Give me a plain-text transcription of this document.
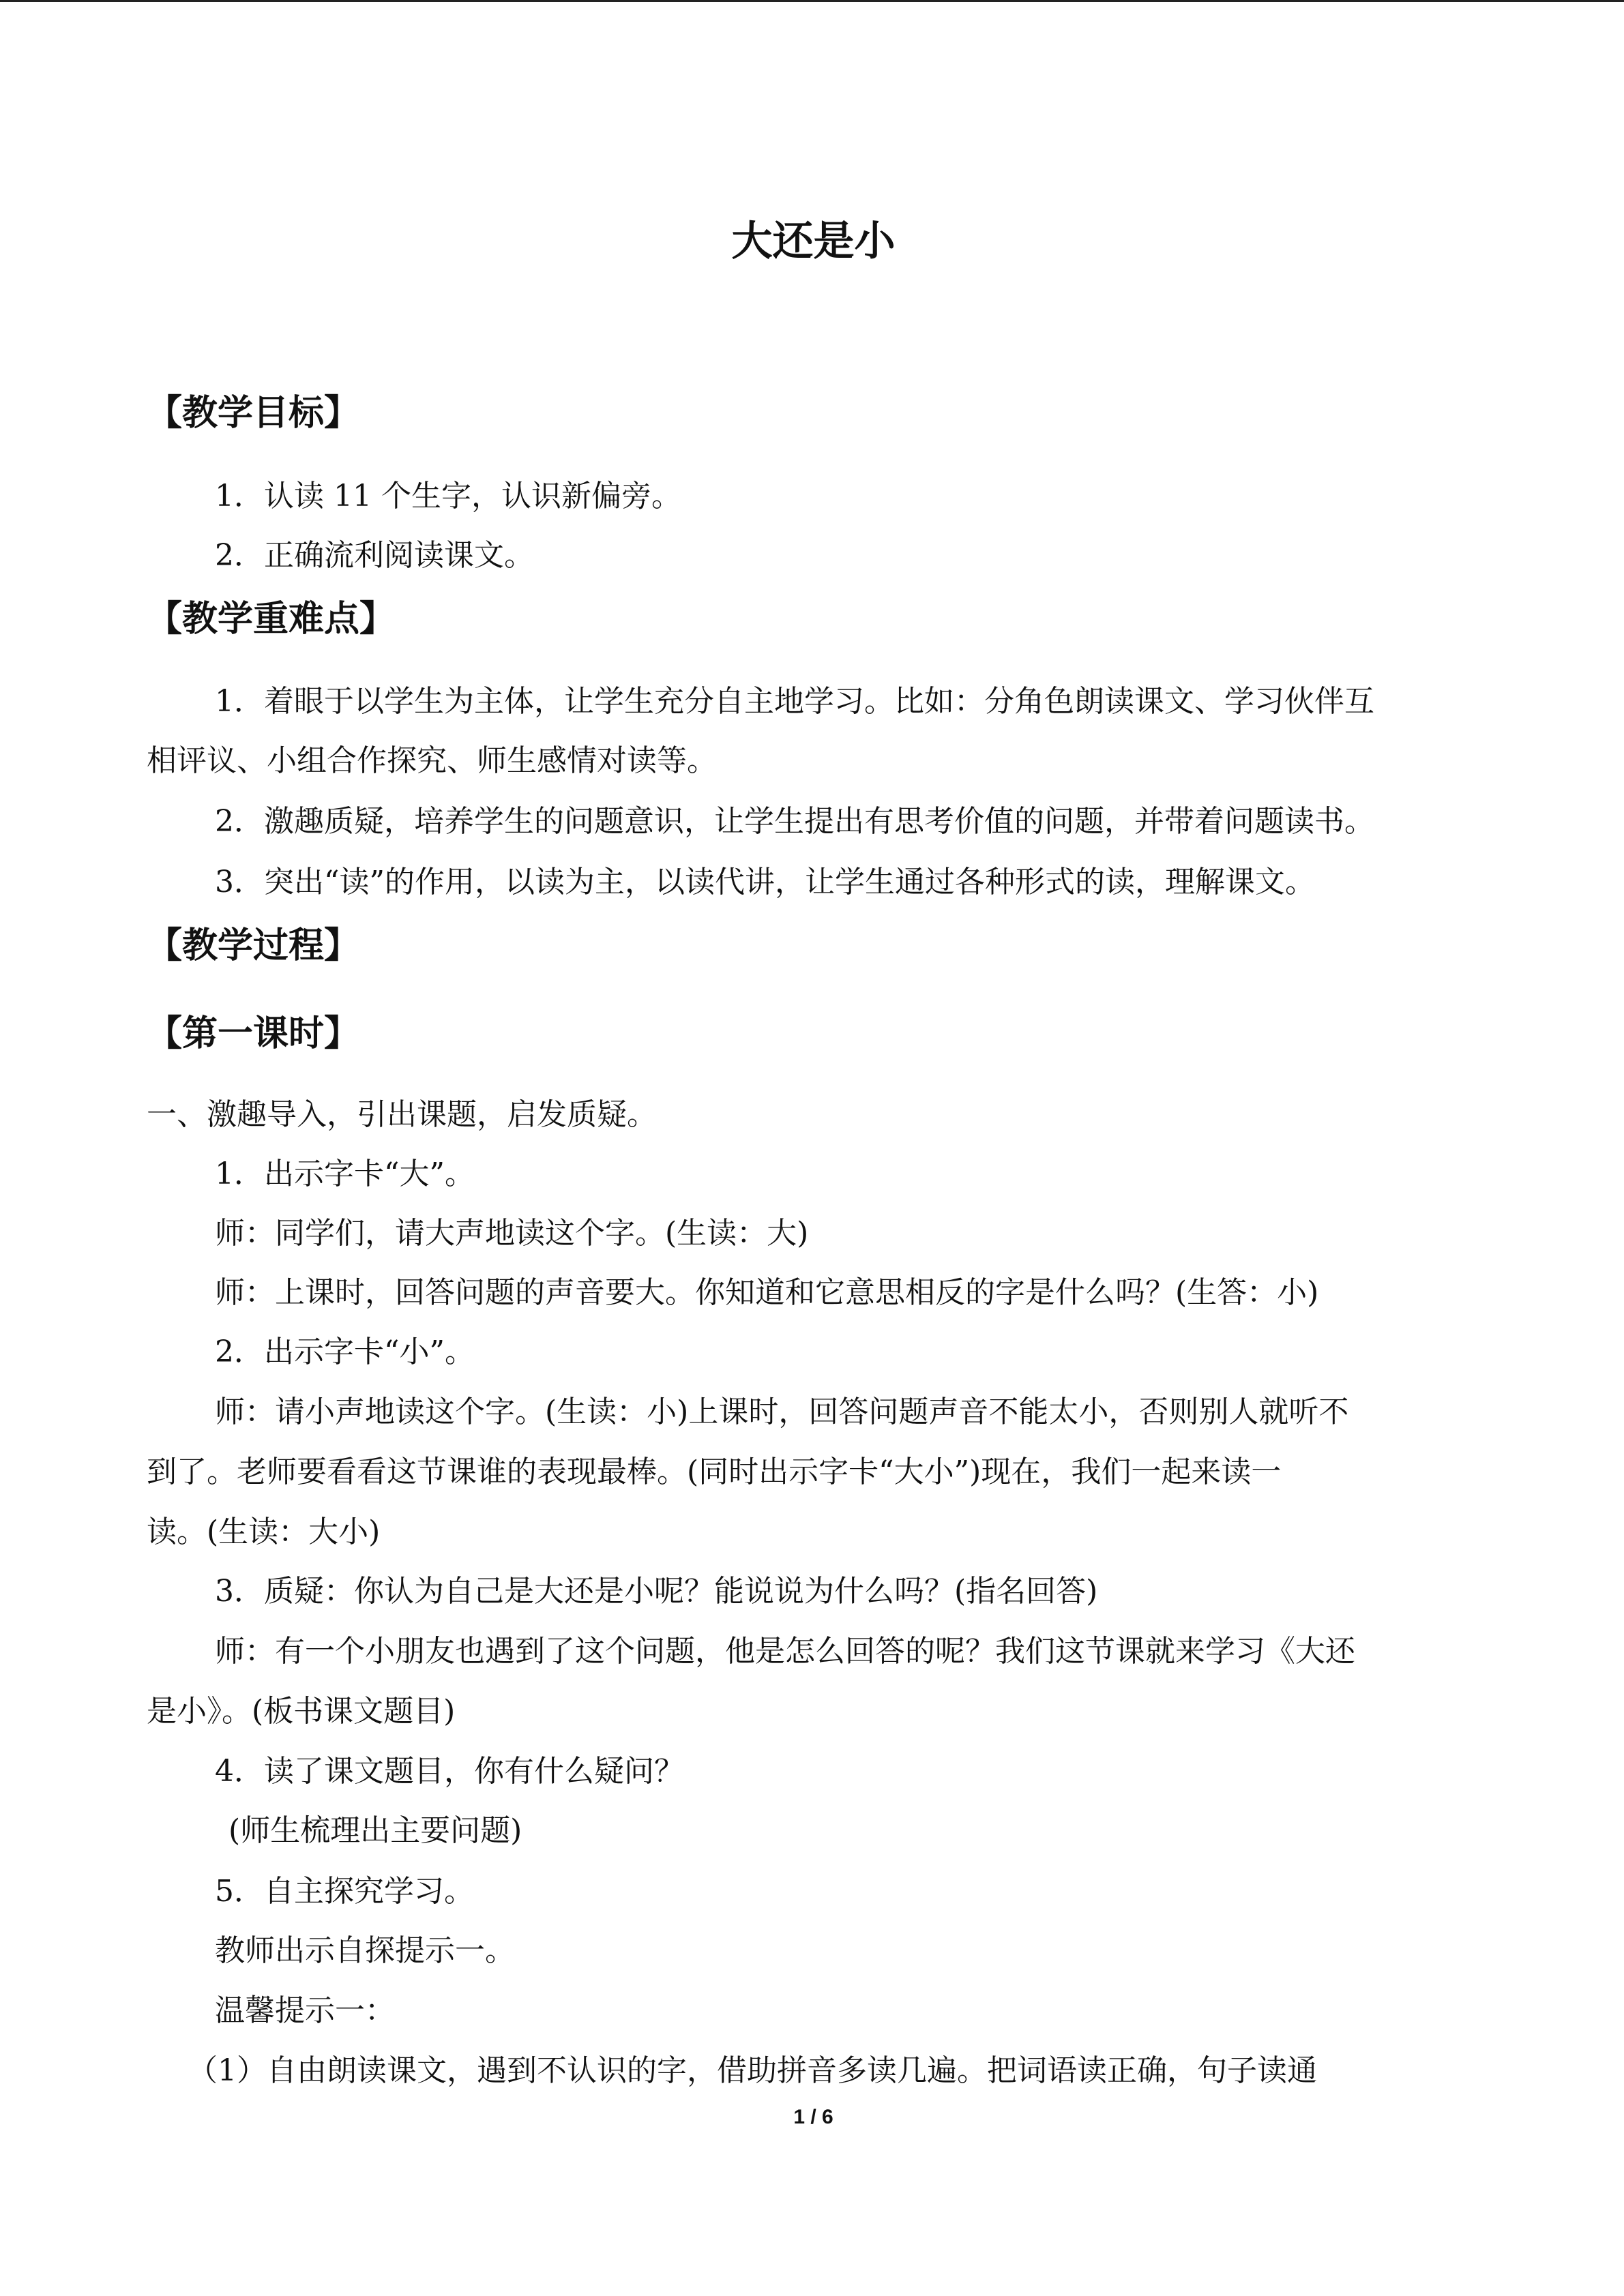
大还是小
【教学目标】

1．认读 11 个生字，认识新偏旁。

2．正确流利阅读课文。

【教学重难点】

1．着眼于以学生为主体，让学生充分自主地学习。比如：分角色朗读课文、学习伙伴互

相评议、小组合作探究、师生感情对读等。

2．激趣质疑，培养学生的问题意识，让学生提出有思考价值的问题，并带着问题读书。

3．突出“读”的作用，以读为主，以读代讲，让学生通过各种形式的读，理解课文。

【教学过程】
【第一课时】

一、激趣导入，引出课题，启发质疑。

1．出示字卡“大”。

师：同学们，请大声地读这个字。(生读：大)

师：上课时，回答问题的声音要大。你知道和它意思相反的字是什么吗？(生答：小)

2．出示字卡“小”。

师：请小声地读这个字。(生读：小)上课时，回答问题声音不能太小，否则别人就听不

到了。老师要看看这节课谁的表现最棒。(同时出示字卡“大小”)现在，我们一起来读一

读。(生读：大小)

3．质疑：你认为自己是大还是小呢？能说说为什么吗？(指名回答)

师：有一个小朋友也遇到了这个问题，他是怎么回答的呢？我们这节课就来学习《大还

是小》。(板书课文题目)

4．读了课文题目，你有什么疑问？

(师生梳理出主要问题)

5．自主探究学习。

教师出示自探提示一。

温馨提示一：

（1）自由朗读课文，遇到不认识的字，借助拼音多读几遍。把词语读正确，句子读通

1 / 6
